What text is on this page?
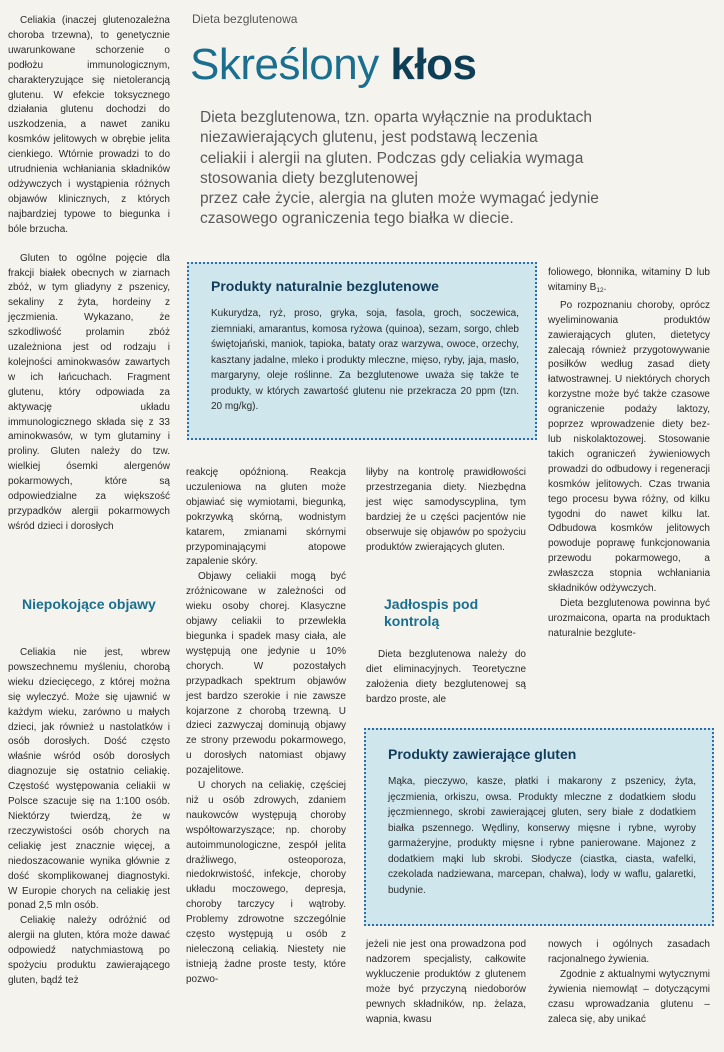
Dieta bezglutenowa
Skreślony kłos
Dieta bezglutenowa, tzn. oparta wyłącznie na produktach
niezawierających glutenu, jest podstawą leczenia
celiakii i alergii na gluten. Podczas gdy celiakia wymaga
stosowania diety bezglutenowej
przez całe życie, alergia na gluten może wymagać jedynie
czasowego ograniczenia tego białka w diecie.

Celiakia (inaczej glutenozależna choroba trzewna), to genetycznie uwarunkowane schorzenie o podłożu immunologicznym, charakteryzujące się nietolerancją glutenu. W efekcie toksycznego działania glutenu dochodzi do uszkodzenia, a nawet zaniku kosmków jelitowych w obrębie jelita cienkiego. Wtórnie prowadzi to do utrudnienia wchłaniania składników odżywczych i wystąpienia różnych objawów klinicznych, z których najbardziej typowe to biegunka i bóle brzucha.

Gluten to ogólne pojęcie dla frakcji białek obecnych w ziarnach zbóż, w tym gliadyny z pszenicy, sekaliny z żyta, hordeiny z jęczmienia. Wykazano, że szkodliwość prolamin zbóż uzależniona jest od rodzaju i kolejności aminokwasów zawartych w ich łańcuchach. Fragment glutenu, który odpowiada za aktywację układu immunologicznego składa się z 33 aminokwasów, w tym glutaminy i proliny. Gluten należy do tzw. wielkiej ósemki alergenów pokarmowych, które są odpowiedzialne za większość przypadków alergii pokarmowych wśród dzieci i dorosłych

Niepokojące objawy

Celiakia nie jest, wbrew powszechnemu myśleniu, chorobą wieku dziecięcego, z której można się wyleczyć. Może się ujawnić w każdym wieku, zarówno u małych dzieci, jak również u nastolatków i osób dorosłych. Dość często właśnie wśród osób dorosłych diagnozuje się ostatnio celiakię. Częstość występowania celiakii w Polsce szacuje się na 1:100 osób. Niektórzy twierdzą, że w rzeczywistości osób chorych na celiakię jest znacznie więcej, a niedoszacowanie wynika głównie z dość skomplikowanej diagnostyki. W Europie chorych na celiakię jest ponad 2,5 mln osób.

Celiakię należy odróżnić od alergii na gluten, która może dawać odpowiedź natychmiastową po spożyciu produktu zawierającego gluten, bądź też

Produkty naturalnie bezglutenowe
Kukurydza, ryż, proso, gryka, soja, fasola, groch, soczewica, ziemniaki, amarantus, komosa ryżowa (quinoa), sezam, sorgo, chleb świętojański, maniok, tapioka, bataty oraz warzywa, owoce, orzechy, kasztany jadalne, mleko i produkty mleczne, mięso, ryby, jaja, masło, margaryny, oleje roślinne. Za bezglutenowe uważa się także te produkty, w których zawartość glutenu nie przekracza 20 ppm (tzn. 20 mg/kg).

reakcję opóźnioną. Reakcja uczuleniowa na gluten może objawiać się wymiotami, biegunką, pokrzywką skórną, wodnistym katarem, zmianami skórnymi przypominającymi atopowe zapalenie skóry.

Objawy celiakii mogą być zróżnicowane w zależności od wieku osoby chorej. Klasyczne objawy celiakii to przewlekła biegunka i spadek masy ciała, ale występują one jedynie u 10% chorych. W pozostałych przypadkach spektrum objawów jest bardzo szerokie i nie zawsze kojarzone z chorobą trzewną. U dzieci zazwyczaj dominują objawy ze strony przewodu pokarmowego, u dorosłych natomiast objawy pozajelitowe.

U chorych na celiakię, częściej niż u osób zdrowych, zdaniem naukowców występują choroby współtowarzyszące; np. choroby autoimmunologiczne, zespół jelita drażliwego, osteoporoza, niedokrwistość, infekcje, choroby układu moczowego, depresja, choroby tarczycy i wątroby. Problemy zdrowotne szczególnie często występują u osób z nieleczoną celiakią. Niestety nie istnieją żadne proste testy, które pozwo-

liłyby na kontrolę prawidłowości przestrzegania diety. Niezbędna jest więc samodyscyplina, tym bardziej że u części pacjentów nie obserwuje się objawów po spożyciu produktów zwierających gluten.

Jadłospis pod kontrolą

Dieta bezglutenowa należy do diet eliminacyjnych. Teoretyczne założenia diety bezglutenowej są bardzo proste, ale

jeżeli nie jest ona prowadzona pod nadzorem specjalisty, całkowite wykluczenie produktów z glutenem może być przyczyną niedoborów pewnych składników, np. żelaza, wapnia, kwasu

foliowego, błonnika, witaminy D lub witaminy $B_{12}$.

Po rozpoznaniu choroby, oprócz wyeliminowania produktów zawierających gluten, dietetycy zalecają również przygotowywanie posiłków według zasad diety łatwostrawnej. U niektórych chorych korzystne może być także czasowe ograniczenie podaży laktozy, poprzez wprowadzenie diety bez- lub niskolaktozowej. Stosowanie takich ograniczeń żywieniowych prowadzi do odbudowy i regeneracji kosmków jelitowych. Czas trwania tego procesu bywa różny, od kilku tygodni do nawet kilku lat. Odbudowa kosmków jelitowych powoduje poprawę funkcjonowania przewodu pokarmowego, a zwłaszcza stopnia wchłaniania składników odżywczych.

Dieta bezglutenowa powinna być urozmaicona, oparta na produktach naturalnie bezglute-

nowych i ogólnych zasadach racjonalnego żywienia.

Zgodnie z aktualnymi wytycznymi żywienia niemowląt – dotyczącymi czasu wprowadzania glutenu – zaleca się, aby unikać

Produkty zawierające gluten
Mąka, pieczywo, kasze, płatki i makarony z pszenicy, żyta, jęczmienia, orkiszu, owsa. Produkty mleczne z dodatkiem słodu jęczmiennego, skrobi zawierającej gluten, sery białe z dodatkiem białka pszennego. Wędliny, konserwy mięsne i rybne, wyroby garmażeryjne, produkty mięsne i rybne panierowane. Majonez z dodatkiem mąki lub skrobi. Słodycze (ciastka, ciasta, wafelki, czekolada nadziewana, marcepan, chałwa), lody w waflu, galaretki, budynie.
